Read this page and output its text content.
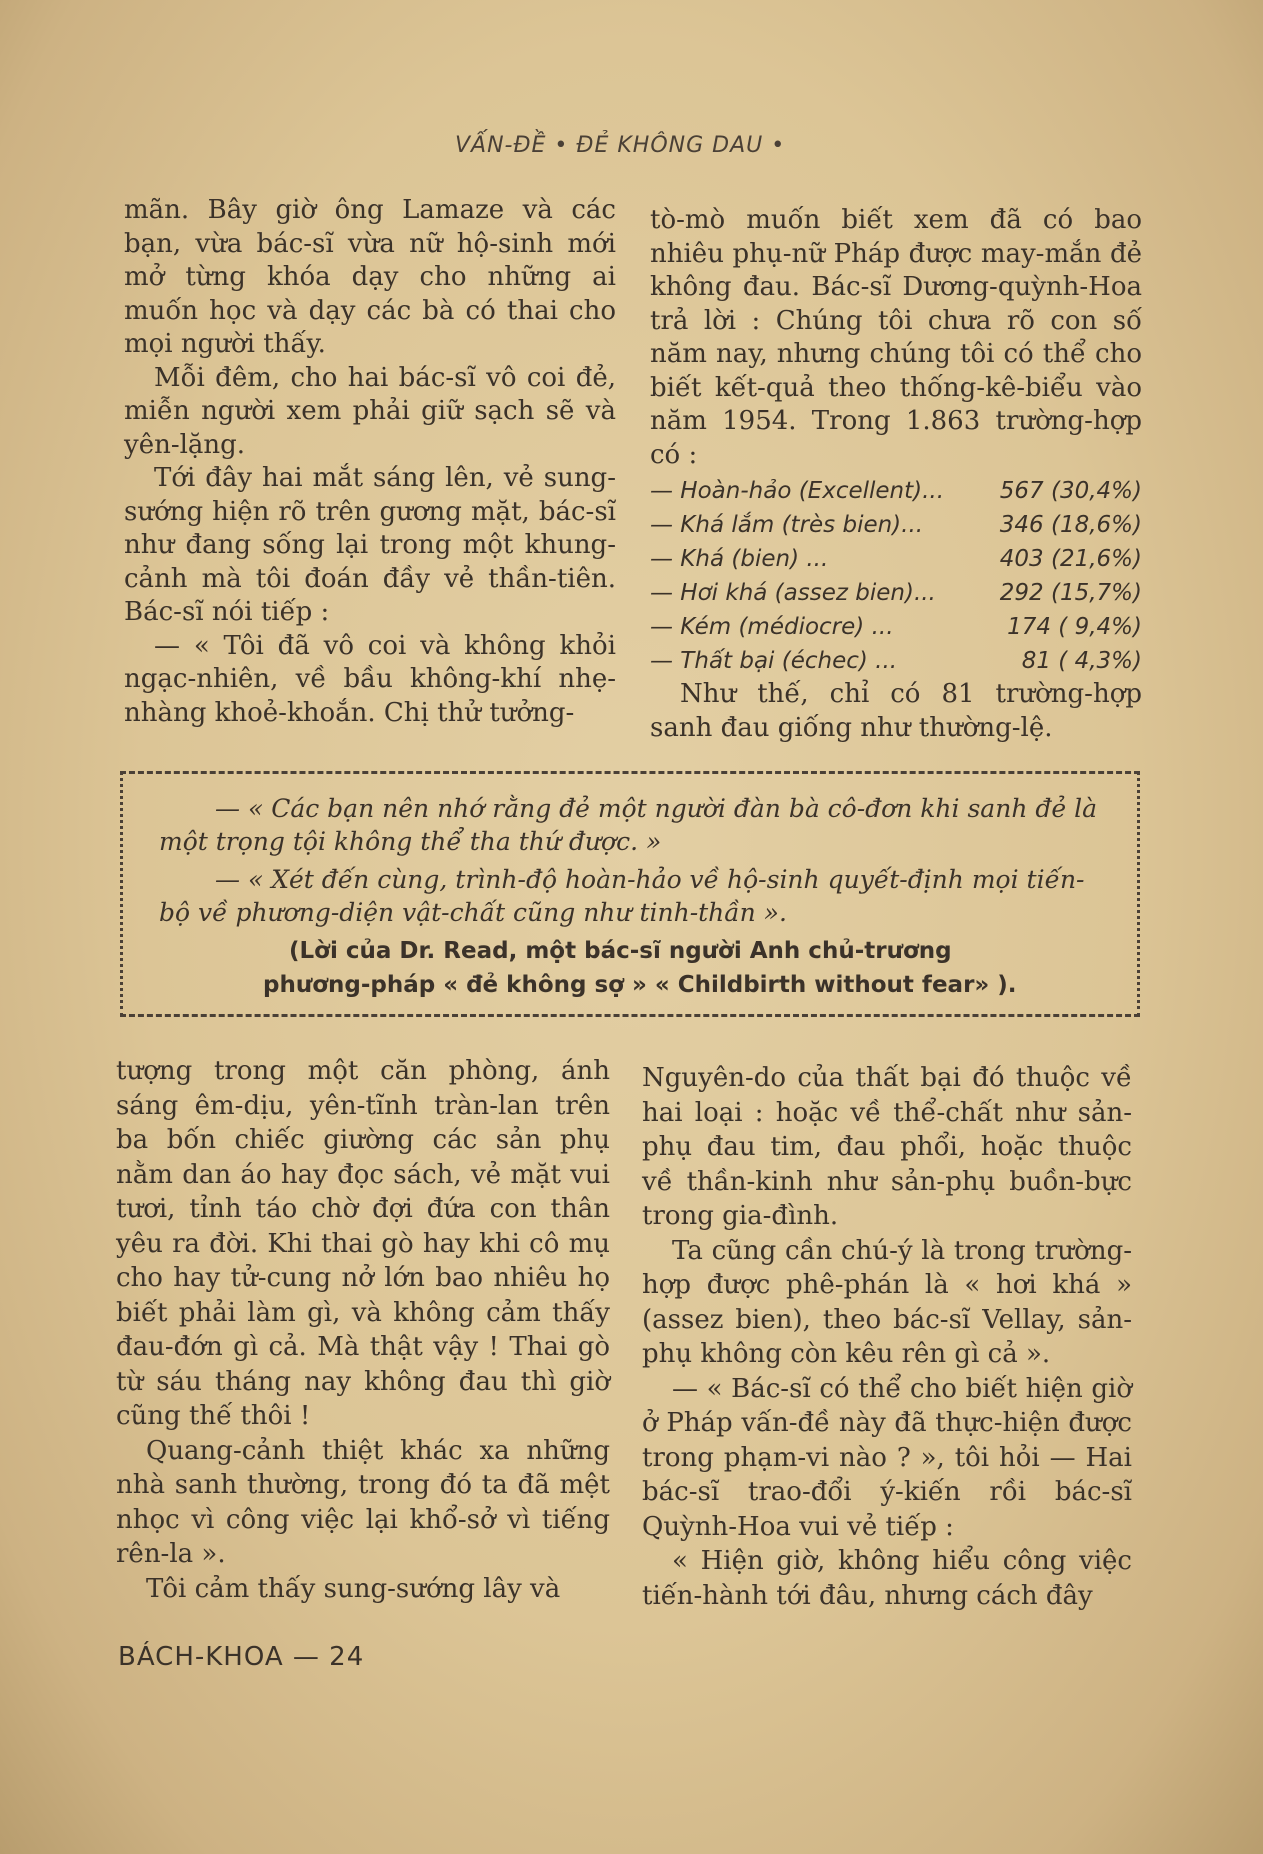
VẤN-ĐỀ • ĐẺ KHÔNG DAU •

mãn. Bây giờ ông Lamaze và các bạn, vừa bác-sĩ vừa nữ hộ-sinh mới mở từng khóa dạy cho những ai muốn học và dạy các bà có thai cho mọi người thấy.

Mỗi đêm, cho hai bác-sĩ vô coi đẻ, miễn người xem phải giữ sạch sẽ và yên-lặng.

Tới đây hai mắt sáng lên, vẻ sung-sướng hiện rõ trên gương mặt, bác-sĩ như đang sống lại trong một khung-cảnh mà tôi đoán đầy vẻ thần-tiên. Bác-sĩ nói tiếp :

— « Tôi đã vô coi và không khỏi ngạc-nhiên, về bầu không-khí nhẹ-nhàng khoẻ-khoắn. Chị thử tưởng-

tò-mò muốn biết xem đã có bao nhiêu phụ-nữ Pháp được may-mắn đẻ không đau. Bác-sĩ Dương-quỳnh-Hoa trả lời : Chúng tôi chưa rõ con số năm nay, nhưng chúng tôi có thể cho biết kết-quả theo thống-kê-biểu vào năm 1954. Trong 1.863 trường-hợp có :

— Hoàn-hảo (Excellent)... 567 (30,4%)
— Khá lắm (très bien)...	346 (18,6%)
— Khá (bien) ...	403 (21,6%)
— Hơi khá (assez bien)...	292 (15,7%)
— Kém (médiocre) ...	174 ( 9,4%)
— Thất bại (échec) ...	81 ( 4,3%)

Như thế, chỉ có 81 trường-hợp sanh đau giống như thường-lệ.

— « Các bạn nên nhớ rằng đẻ một người đàn bà cô-đơn khi sanh đẻ là một trọng tội không thể tha thứ được. »

— « Xét đến cùng, trình-độ hoàn-hảo về hộ-sinh quyết-định mọi tiến-bộ về phương-diện vật-chất cũng như tinh-thần ».

(Lời của Dr. Read, một bác-sĩ người Anh chủ-trương
phương-pháp « đẻ không sợ » « Childbirth without fear» ).

tượng trong một căn phòng, ánh sáng êm-dịu, yên-tĩnh tràn-lan trên ba bốn chiếc giường các sản phụ nằm dan áo hay đọc sách, vẻ mặt vui tươi, tỉnh táo chờ đợi đứa con thân yêu ra đời. Khi thai gò hay khi cô mụ cho hay tử-cung nở lớn bao nhiêu họ biết phải làm gì, và không cảm thấy đau-đớn gì cả. Mà thật vậy ! Thai gò từ sáu tháng nay không đau thì giờ cũng thế thôi !

Quang-cảnh thiệt khác xa những nhà sanh thường, trong đó ta đã mệt nhọc vì công việc lại khổ-sở vì tiếng rên-la ».

Tôi cảm thấy sung-sướng lây và

Nguyên-do của thất bại đó thuộc về hai loại : hoặc về thể-chất như sản-phụ đau tim, đau phổi, hoặc thuộc về thần-kinh như sản-phụ buồn-bực trong gia-đình.

Ta cũng cần chú-ý là trong trường-hợp được phê-phán là « hơi khá » (assez bien), theo bác-sĩ Vellay, sản-phụ không còn kêu rên gì cả ».

— « Bác-sĩ có thể cho biết hiện giờ ở Pháp vấn-đề này đã thực-hiện được trong phạm-vi nào ? », tôi hỏi — Hai bác-sĩ trao-đổi ý-kiến rồi bác-sĩ Quỳnh-Hoa vui vẻ tiếp :

« Hiện giờ, không hiểu công việc tiến-hành tới đâu, nhưng cách đây

BÁCH-KHOA — 24
